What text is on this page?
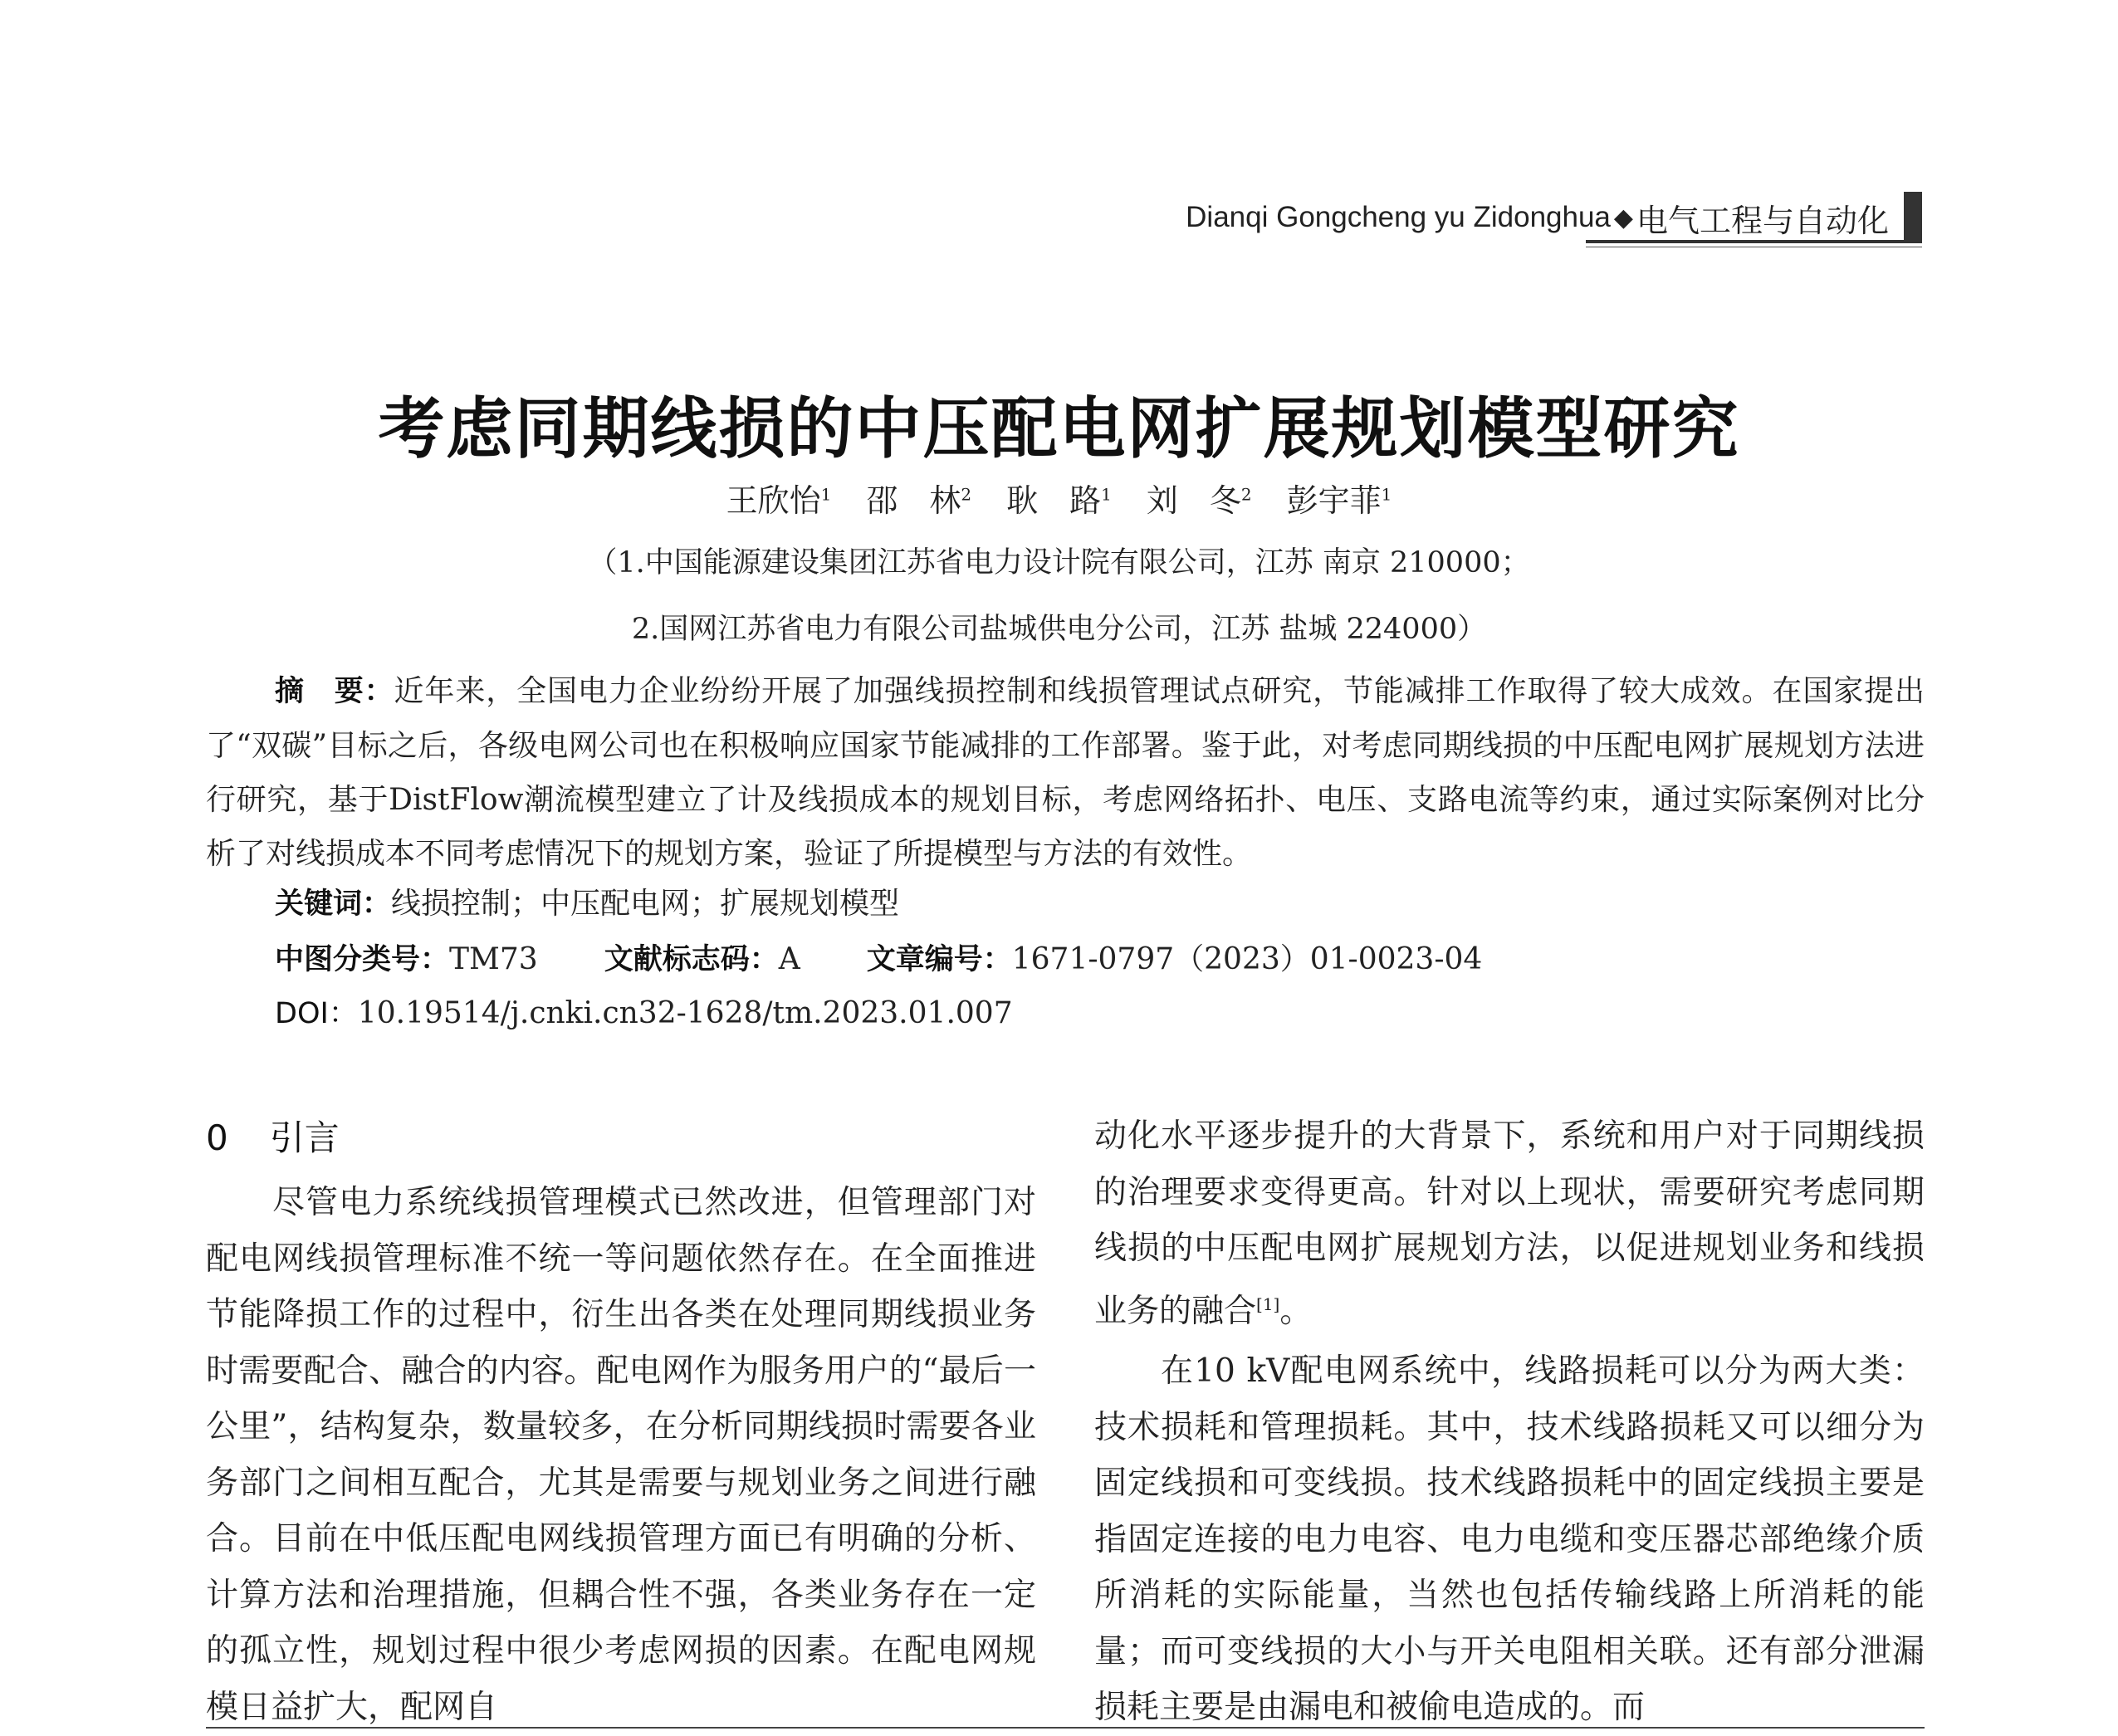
Dianqi Gongcheng yu Zidonghua ◆ 电气工程与自动化
考虑同期线损的中压配电网扩展规划模型研究
王欣怡$^1$ 邵　林$^2$ 耿　路$^1$ 刘　冬$^2$ 彭宇菲$^1$
（1.中国能源建设集团江苏省电力设计院有限公司，江苏 南京 210000；
2.国网江苏省电力有限公司盐城供电分公司，江苏 盐城 224000）
摘　要：近年来，全国电力企业纷纷开展了加强线损控制和线损管理试点研究，节能减排工作取得了较大成效。在国家提出了“双碳”目标之后，各级电网公司也在积极响应国家节能减排的工作部署。鉴于此，对考虑同期线损的中压配电网扩展规划方法进行研究，基于DistFlow潮流模型建立了计及线损成本的规划目标，考虑网络拓扑、电压、支路电流等约束，通过实际案例对比分析了对线损成本不同考虑情况下的规划方案，验证了所提模型与方法的有效性。
关键词：线损控制；中压配电网；扩展规划模型
中图分类号：TM73 文献标志码：A 文章编号：1671-0797（2023）01-0023-04
DOI：10.19514/j.cnki.cn32-1628/tm.2023.01.007
0 引言

尽管电力系统线损管理模式已然改进，但管理部门对配电网线损管理标准不统一等问题依然存在。在全面推进节能降损工作的过程中，衍生出各类在处理同期线损业务时需要配合、融合的内容。配电网作为服务用户的“最后一公里”，结构复杂，数量较多，在分析同期线损时需要各业务部门之间相互配合，尤其是需要与规划业务之间进行融合。目前在中低压配电网线损管理方面已有明确的分析、计算方法和治理措施，但耦合性不强，各类业务存在一定的孤立性，规划过程中很少考虑网损的因素。在配电网规模日益扩大，配网自

动化水平逐步提升的大背景下，系统和用户对于同期线损的治理要求变得更高。针对以上现状，需要研究考虑同期线损的中压配电网扩展规划方法，以促进规划业务和线损业务的融合[1]。

在10 kV配电网系统中，线路损耗可以分为两大类：技术损耗和管理损耗。其中，技术线路损耗又可以细分为固定线损和可变线损。技术线路损耗中的固定线损主要是指固定连接的电力电容、电力电缆和变压器芯部绝缘介质所消耗的实际能量，当然也包括传输线路上所消耗的能量；而可变线损的大小与开关电阻相关联。还有部分泄漏损耗主要是由漏电和被偷电造成的。而
